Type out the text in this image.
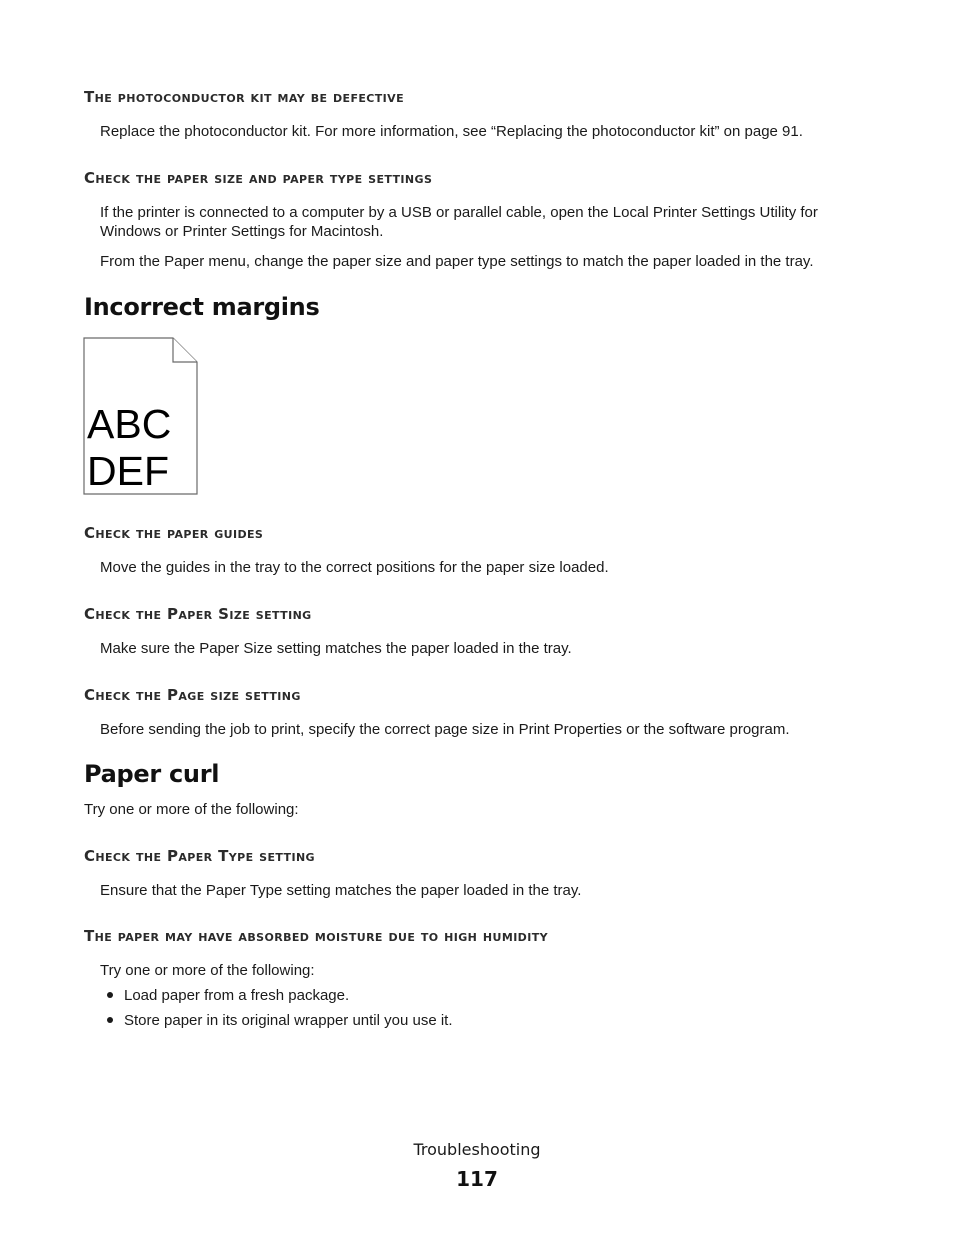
The photoconductor kit may be defective

Replace the photoconductor kit. For more information, see “Replacing the photoconductor kit” on page 91.

Check the paper size and paper type settings

If the printer is connected to a computer by a USB or parallel cable, open the Local Printer Settings Utility for Windows or Printer Settings for Macintosh.

From the Paper menu, change the paper size and paper type settings to match the paper loaded in the tray.

Incorrect margins
ABC
DEF
Check the paper guides

Move the guides in the tray to the correct positions for the paper size loaded.

Check the Paper Size setting

Make sure the Paper Size setting matches the paper loaded in the tray.

Check the Page size setting

Before sending the job to print, specify the correct page size in Print Properties or the software program.

Paper curl

Try one or more of the following:

Check the Paper Type setting

Ensure that the Paper Type setting matches the paper loaded in the tray.

The paper may have absorbed moisture due to high humidity

Try one or more of the following:

Load paper from a fresh package.
Store paper in its original wrapper until you use it.

Troubleshooting

117
